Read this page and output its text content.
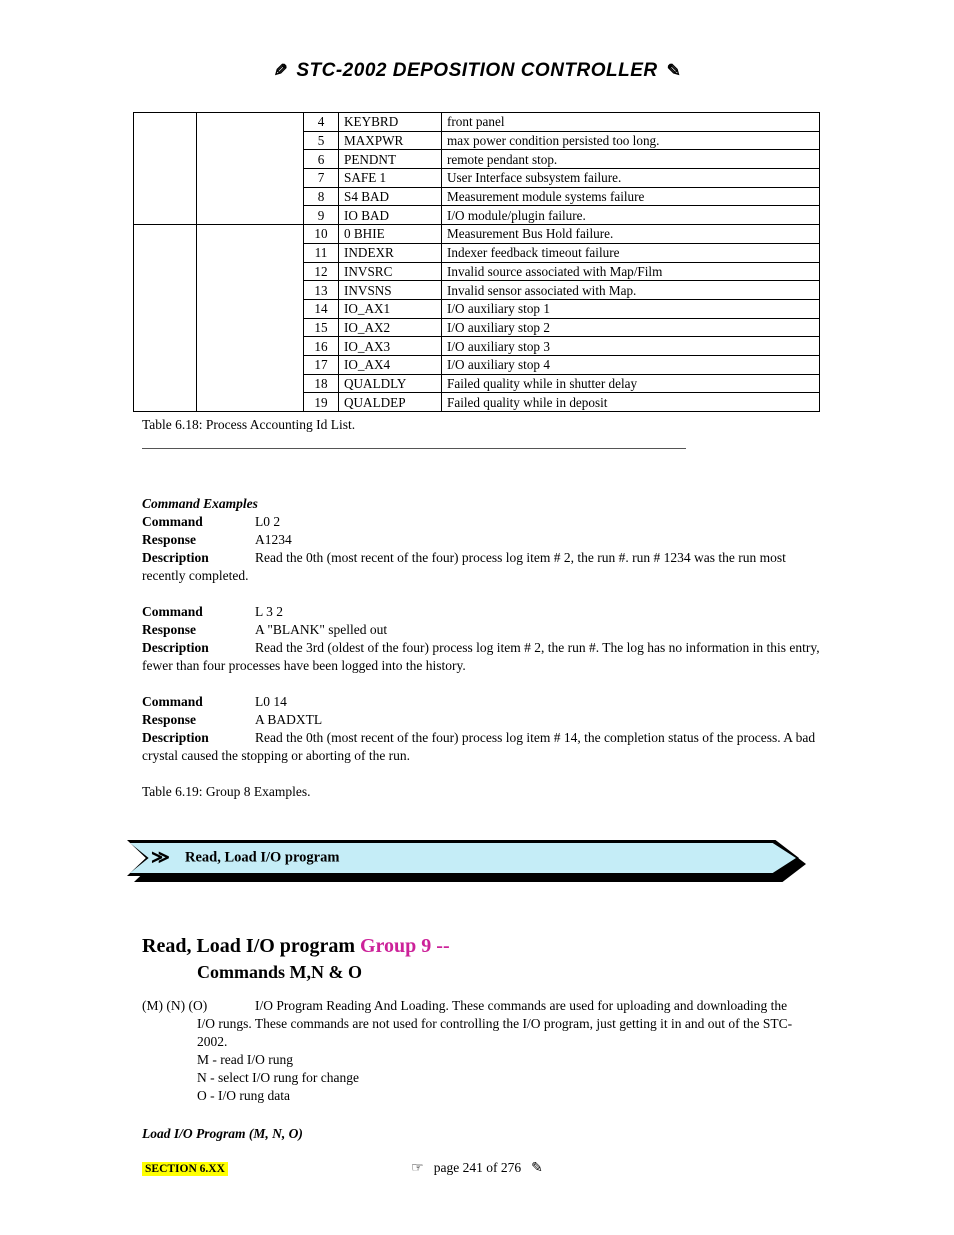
✎ STC-2002 DEPOSITION CONTROLLER ✎
		4	KEYBRD	front panel
		5	MAXPWR	max power condition persisted too long.
		6	PENDNT	remote pendant stop.
		7	SAFE 1	User Interface subsystem failure.
		8	S4 BAD	Measurement module systems failure
		9	IO BAD	I/O module/plugin failure.
		10	0 BHIE	Measurement Bus Hold failure.
		11	INDEXR	Indexer feedback timeout failure
		12	INVSRC	Invalid source associated with Map/Film
		13	INVSNS	Invalid sensor associated with Map.
		14	IO_AX1	I/O auxiliary stop 1
		15	IO_AX2	I/O auxiliary stop 2
		16	IO_AX3	I/O auxiliary stop 3
		17	IO_AX4	I/O auxiliary stop 4
		18	QUALDLY	Failed quality while in shutter delay
		19	QUALDEP	Failed quality while in deposit
Table 6.18: Process Accounting Id List.
Command Examples
Command	L0 2
Response	A1234
Description	Read the 0th (most recent of the four) process log item # 2, the run #. run # 1234 was the run most recently completed.
Command	L 3 2
Response	A "BLANK" spelled out
Description	Read the 3rd (oldest of the four) process log item # 2, the run #. The log has no information in this entry, fewer than four processes have been logged into the history.
Command	L0 14
Response	A BADXTL
Description	Read the 0th (most recent of the four) process log item # 14, the completion status of the process. A bad crystal caused the stopping or aborting of the run.
Table 6.19: Group 8 Examples.
≫ Read, Load I/O program
Read, Load I/O program Group 9 --
Commands M,N & O
(M) (N) (O)	I/O Program Reading And Loading. These commands are used for uploading and downloading the I/O rungs. These commands are not used for controlling the I/O program, just getting it in and out of the STC-2002.
M - read I/O rung
N - select I/O rung for change
O - I/O rung data
Load I/O Program (M, N, O)
SECTION 6.XX	☞ page 241 of 276 ✎
